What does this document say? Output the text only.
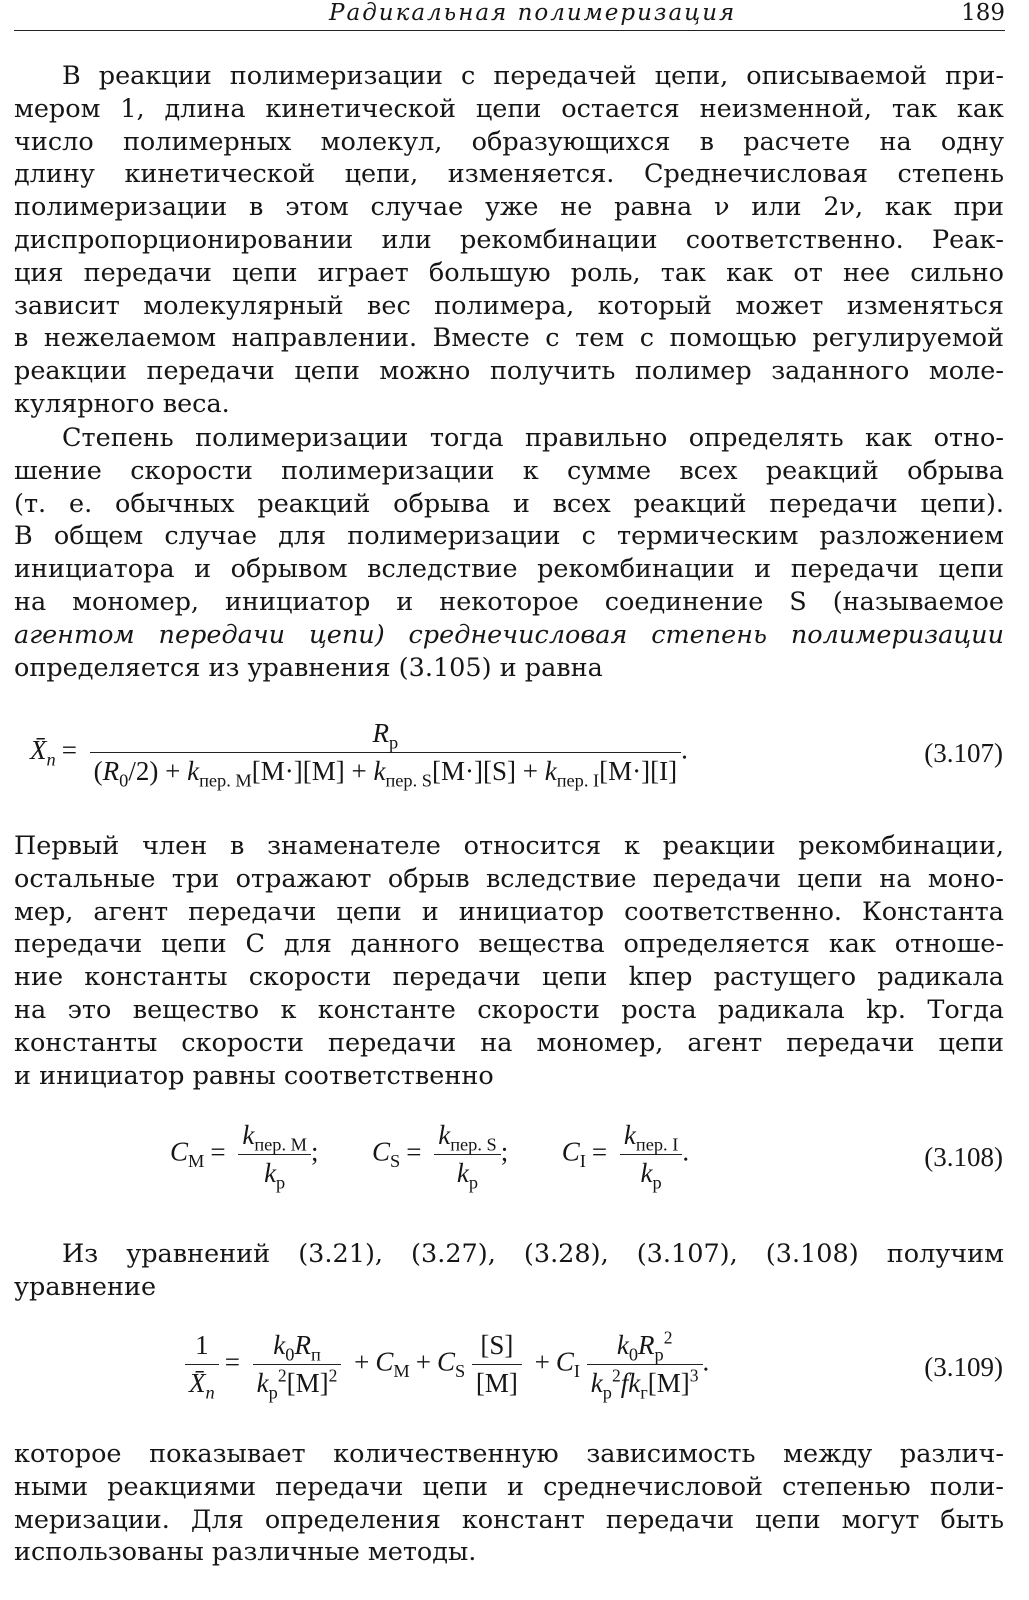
Радикальная полимеризация	189
В реакции полимеризации с передачей цепи, описываемой при-
мером 1, длина кинетической цепи остается неизменной, так как
число полимерных молекул, образующихся в расчете на одну
длину кинетической цепи, изменяется. Среднечисловая степень
полимеризации в этом случае уже не равна ν или 2ν, как при
диспропорционировании или рекомбинации соответственно. Реак-
ция передачи цепи играет большую роль, так как от нее сильно
зависит молекулярный вес полимера, который может изменяться
в нежелаемом направлении. Вместе с тем с помощью регулируемой
реакции передачи цепи можно получить полимер заданного моле-
кулярного веса.
Степень полимеризации тогда правильно определять как отно-
шение скорости полимеризации к сумме всех реакций обрыва
(т. е. обычных реакций обрыва и всех реакций передачи цепи).
В общем случае для полимеризации с термическим разложением
инициатора и обрывом вследствие рекомбинации и передачи цепи
на мономер, инициатор и некоторое соединение S (называемое
агентом передачи цепи) среднечисловая степень полимеризации
определяется из уравнения (3.105) и равна
$X̄_n = \frac{R_р}{(R_0/2) + k_{пер. M}[M\cdot][M] + k_{пер. S}[M\cdot][S] + k_{пер. I}[M\cdot][I]}$ .	(3.107)
Первый член в знаменателе относится к реакции рекомбинации,
остальные три отражают обрыв вследствие передачи цепи на моно-
мер, агент передачи цепи и инициатор соответственно. Константа
передачи цепи C для данного вещества определяется как отноше-
ние константы скорости передачи цепи kпер растущего радикала
на это вещество к константе скорости роста радикала kр. Тогда
константы скорости передачи на мономер, агент передачи цепи
и инициатор равны соответственно
$C_M = \frac{k_{пер. M}}{k_р}$ ;  $C_S = \frac{k_{пер. S}}{k_р}$ ;  $C_I = \frac{k_{пер. I}}{k_р}$ .	(3.108)
Из уравнений (3.21), (3.27), (3.28), (3.107), (3.108) получим
уравнение
$\frac{1}{X̄_n} = \frac{k_0R_п}{k_р^2[M]^2} + C_M + C_S \frac{[S]}{[M]} + C_I \frac{k_0R_р^2}{k_р^2fk_г[M]^3}$ .	(3.109)
которое показывает количественную зависимость между различ-
ными реакциями передачи цепи и среднечисловой степенью поли-
меризации. Для определения констант передачи цепи могут быть
использованы различные методы.
